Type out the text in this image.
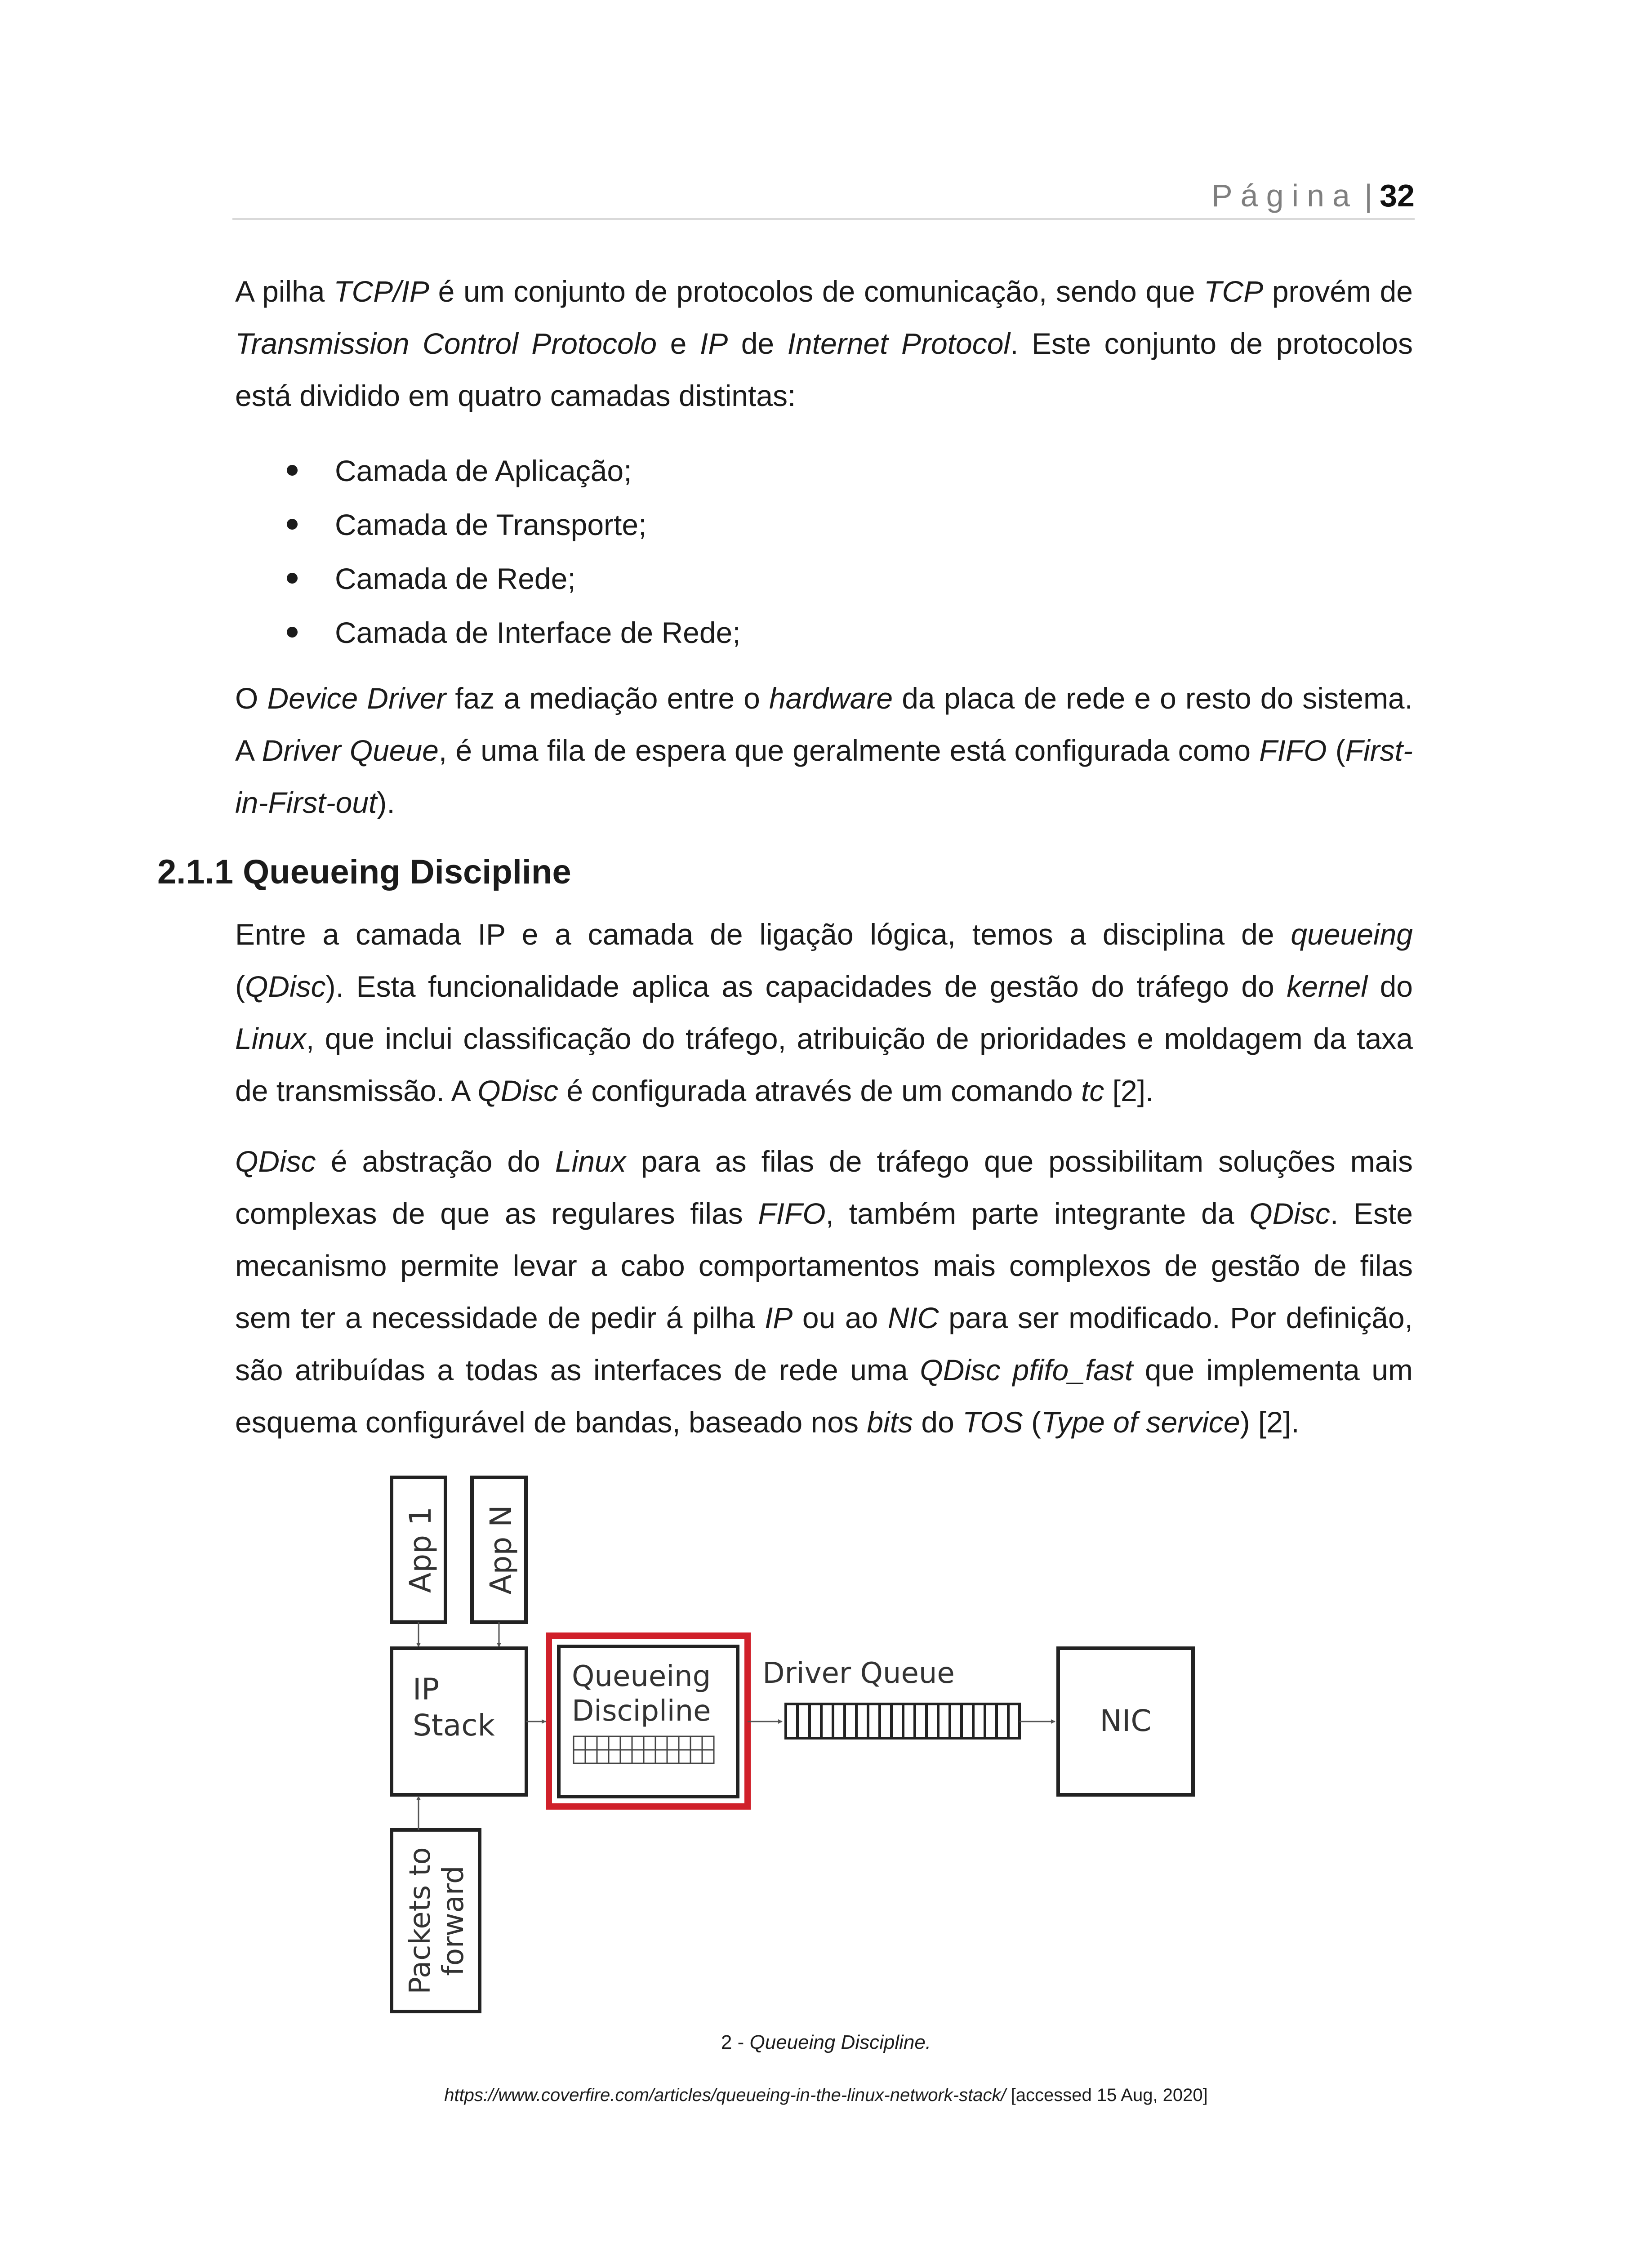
Página | 32

A pilha TCP/IP é um conjunto de protocolos de comunicação, sendo que TCP provém de Transmission Control Protocolo e IP de Internet Protocol. Este conjunto de protocolos está dividido em quatro camadas distintas:

Camada de Aplicação;
Camada de Transporte;
Camada de Rede;
Camada de Interface de Rede;

O Device Driver faz a mediação entre o hardware da placa de rede e o resto do sistema. A Driver Queue, é uma fila de espera que geralmente está configurada como FIFO (First-in-First-out).

2.1.1 Queueing Discipline

Entre a camada IP e a camada de ligação lógica, temos a disciplina de queueing (QDisc). Esta funcionalidade aplica as capacidades de gestão do tráfego do kernel do Linux, que inclui classificação do tráfego, atribuição de prioridades e moldagem da taxa de transmissão. A QDisc é configurada através de um comando tc [2].

QDisc é abstração do Linux para as filas de tráfego que possibilitam soluções mais complexas de que as regulares filas FIFO, também parte integrante da QDisc. Este mecanismo permite levar a cabo comportamentos mais complexos de gestão de filas sem ter a necessidade de pedir á pilha IP ou ao NIC para ser modificado. Por definição, são atribuídas a todas as interfaces de rede uma QDisc pfifo_fast que implementa um esquema configurável de bandas, baseado nos bits do TOS (Type of service) [2].

App 1 App N
IP
Stack
Queueing
Discipline
Driver Queue
NIC
Packets to forward
2 - Queueing Discipline.
https://www.coverfire.com/articles/queueing-in-the-linux-network-stack/ [accessed 15 Aug, 2020]
